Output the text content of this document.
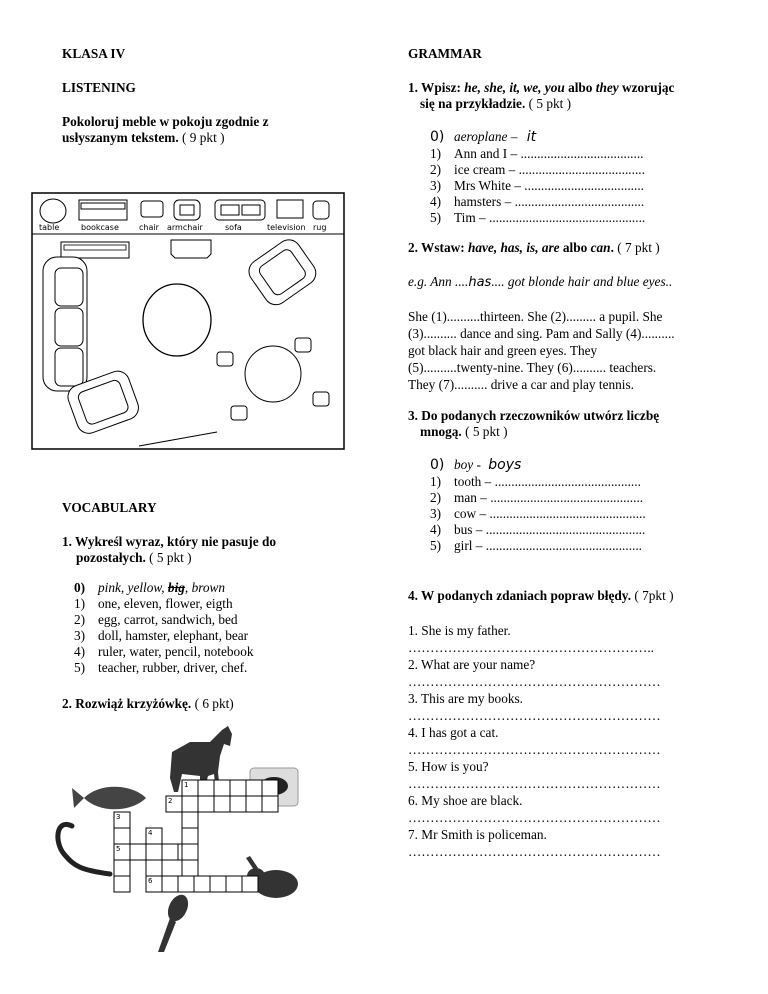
KLASA IV
LISTENING
Pokoloruj meble w pokoju zgodnie z
usłyszanym tekstem. ( 9 pkt )
table	bookcase	chair armchair	sofa	television rug
VOCABULARY
1. Wykreśl wyraz, który nie pasuje do
pozostałych. ( 5 pkt )
0) pink, yellow, big, brown
1) one, eleven, flower, eigth
2) egg, carrot, sandwich, bed
3) doll, hamster, elephant, bear
4) ruler, water, pencil, notebook
5) teacher, rubber, driver, chef.
2. Rozwiąż krzyżówkę. ( 6 pkt)
1
2
3
4
5
6
GRAMMAR
1. Wpisz: he, she, it, we, you albo they wzorując
się na przykładzie. ( 5 pkt )
0) aeroplane – it
1) Ann and I – .....................................
2) ice cream – ......................................
3) Mrs White – ....................................
4) hamsters – .......................................
5) Tim – ...............................................
2. Wstaw: have, has, is, are albo can. ( 7 pkt )
e.g. Ann ....has.... got blonde hair and blue eyes..
She (1)..........thirteen. She (2)......... a pupil. She
(3).......... dance and sing. Pam and Sally (4)..........
got black hair and green eyes. They
(5)..........twenty-nine. They (6).......... teachers.
They (7).......... drive a car and play tennis.
3. Do podanych rzeczowników utwórz liczbę
mnogą. ( 5 pkt )
0) boy - boys
1) tooth – ............................................
2) man – ..............................................
3) cow – ...............................................
4) bus – ................................................
5) girl – ...............................................
4. W podanych zdaniach popraw błędy. ( 7pkt )
1. She is my father.
………………………………………………..
2. What are your name?
…………………………………………………
3. This are my books.
…………………………………………………
4. I has got a cat.
…………………………………………………
5. How is you?
…………………………………………………
6. My shoe are black.
…………………………………………………
7. Mr Smith is policeman.
…………………………………………………
